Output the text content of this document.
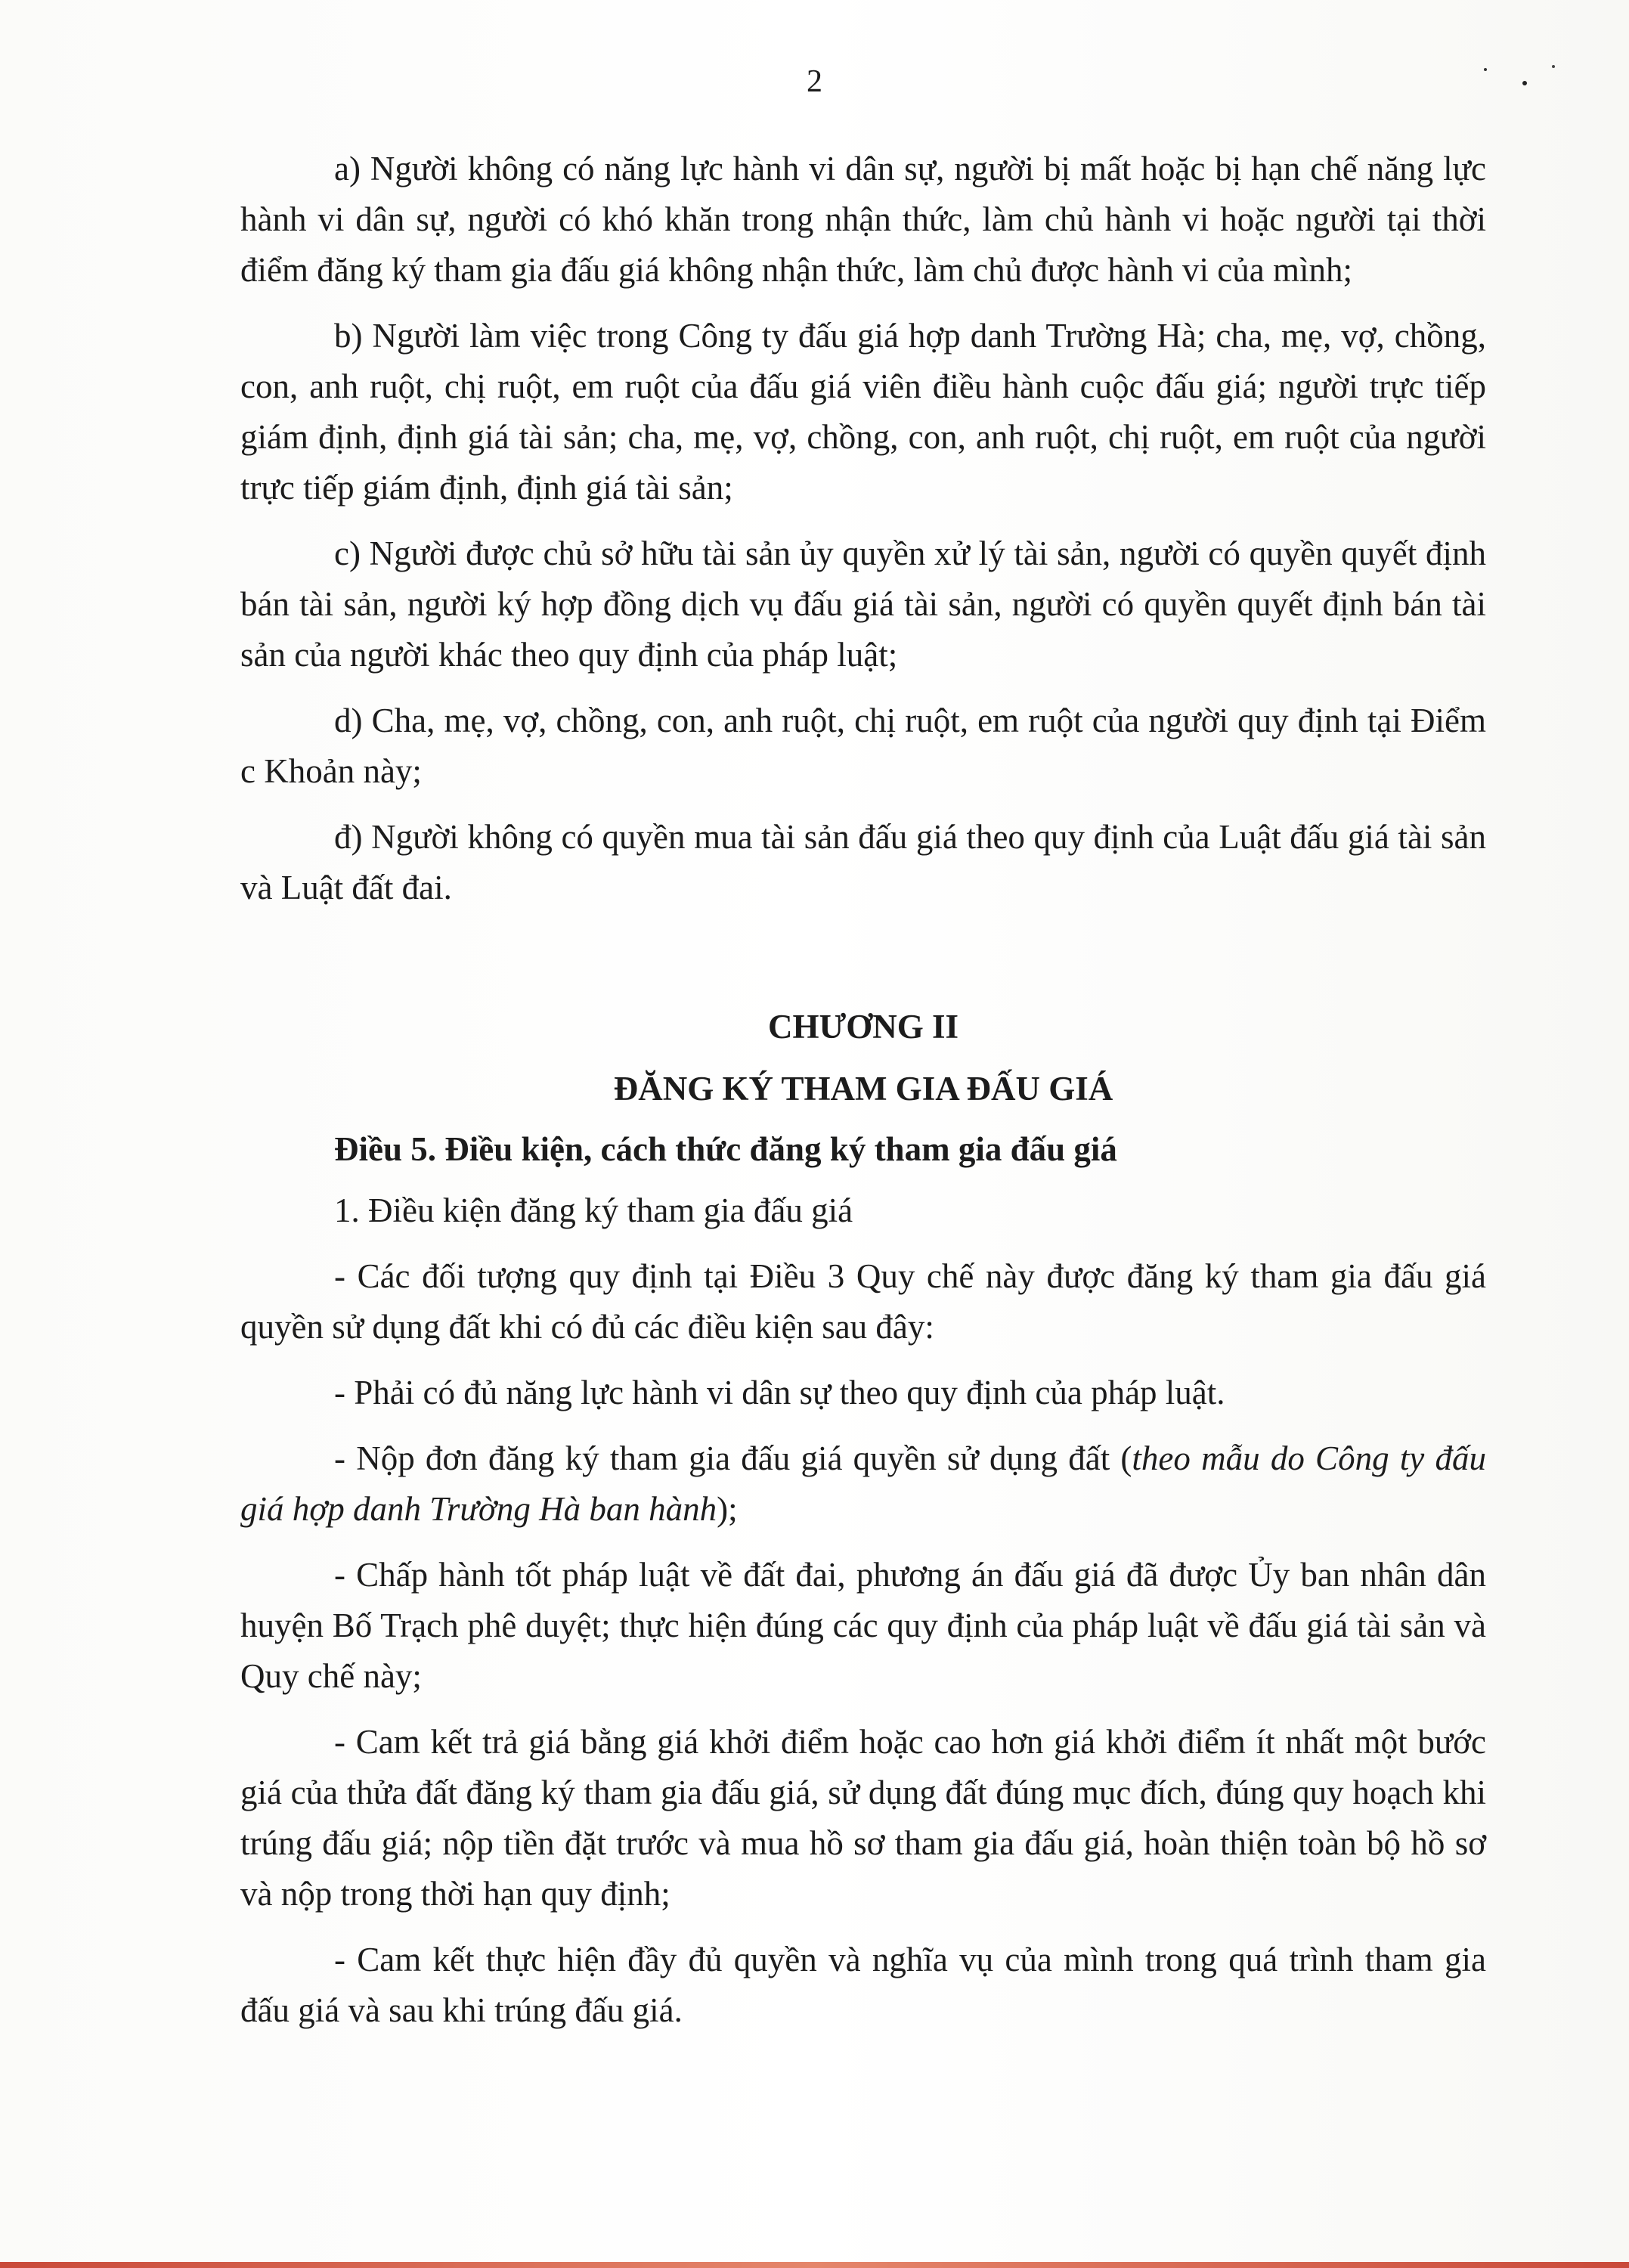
2

a) Người không có năng lực hành vi dân sự, người bị mất hoặc bị hạn chế năng lực hành vi dân sự, người có khó khăn trong nhận thức, làm chủ hành vi hoặc người tại thời điểm đăng ký tham gia đấu giá không nhận thức, làm chủ được hành vi của mình;

b) Người làm việc trong Công ty đấu giá hợp danh Trường Hà; cha, mẹ, vợ, chồng, con, anh ruột, chị ruột, em ruột của đấu giá viên điều hành cuộc đấu giá; người trực tiếp giám định, định giá tài sản; cha, mẹ, vợ, chồng, con, anh ruột, chị ruột, em ruột của người trực tiếp giám định, định giá tài sản;

c) Người được chủ sở hữu tài sản ủy quyền xử lý tài sản, người có quyền quyết định bán tài sản, người ký hợp đồng dịch vụ đấu giá tài sản, người có quyền quyết định bán tài sản của người khác theo quy định của pháp luật;

d) Cha, mẹ, vợ, chồng, con, anh ruột, chị ruột, em ruột của người quy định tại Điểm c Khoản này;

đ) Người không có quyền mua tài sản đấu giá theo quy định của Luật đấu giá tài sản và Luật đất đai.

CHƯƠNG II

ĐĂNG KÝ THAM GIA ĐẤU GIÁ

Điều 5. Điều kiện, cách thức đăng ký tham gia đấu giá

1. Điều kiện đăng ký tham gia đấu giá

- Các đối tượng quy định tại Điều 3 Quy chế này được đăng ký tham gia đấu giá quyền sử dụng đất khi có đủ các điều kiện sau đây:

- Phải có đủ năng lực hành vi dân sự theo quy định của pháp luật.

- Nộp đơn đăng ký tham gia đấu giá quyền sử dụng đất (theo mẫu do Công ty đấu giá hợp danh Trường Hà ban hành);

- Chấp hành tốt pháp luật về đất đai, phương án đấu giá đã được Ủy ban nhân dân huyện Bố Trạch phê duyệt; thực hiện đúng các quy định của pháp luật về đấu giá tài sản và Quy chế này;

- Cam kết trả giá bằng giá khởi điểm hoặc cao hơn giá khởi điểm ít nhất một bước giá của thửa đất đăng ký tham gia đấu giá, sử dụng đất đúng mục đích, đúng quy hoạch khi trúng đấu giá; nộp tiền đặt trước và mua hồ sơ tham gia đấu giá, hoàn thiện toàn bộ hồ sơ và nộp trong thời hạn quy định;

- Cam kết thực hiện đầy đủ quyền và nghĩa vụ của mình trong quá trình tham gia đấu giá và sau khi trúng đấu giá.
